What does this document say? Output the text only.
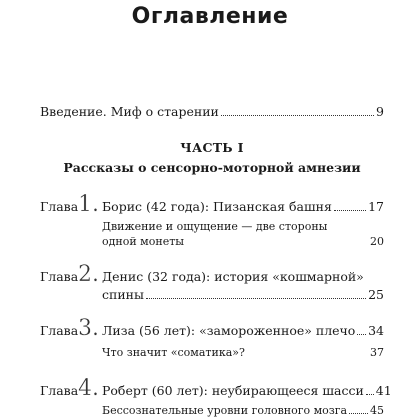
Оглавление
Введение. Миф о старении	9
ЧАСТЬ I
Рассказы о сенсорно-моторной амнезии
Глава 1. Борис (42 года): Пизанская башня	17
Движение и ощущение — две стороны
одной монеты	20
Глава 2. Денис (32 года): история «кошмарной»
спины	25
Глава 3. Лиза (56 лет): «замороженное» плечо 34
Что значит «соматика»?	37
Глава 4. Роберт (60 лет): неубирающееся шасси 41
Бессознательные уровни головного мозга 45
